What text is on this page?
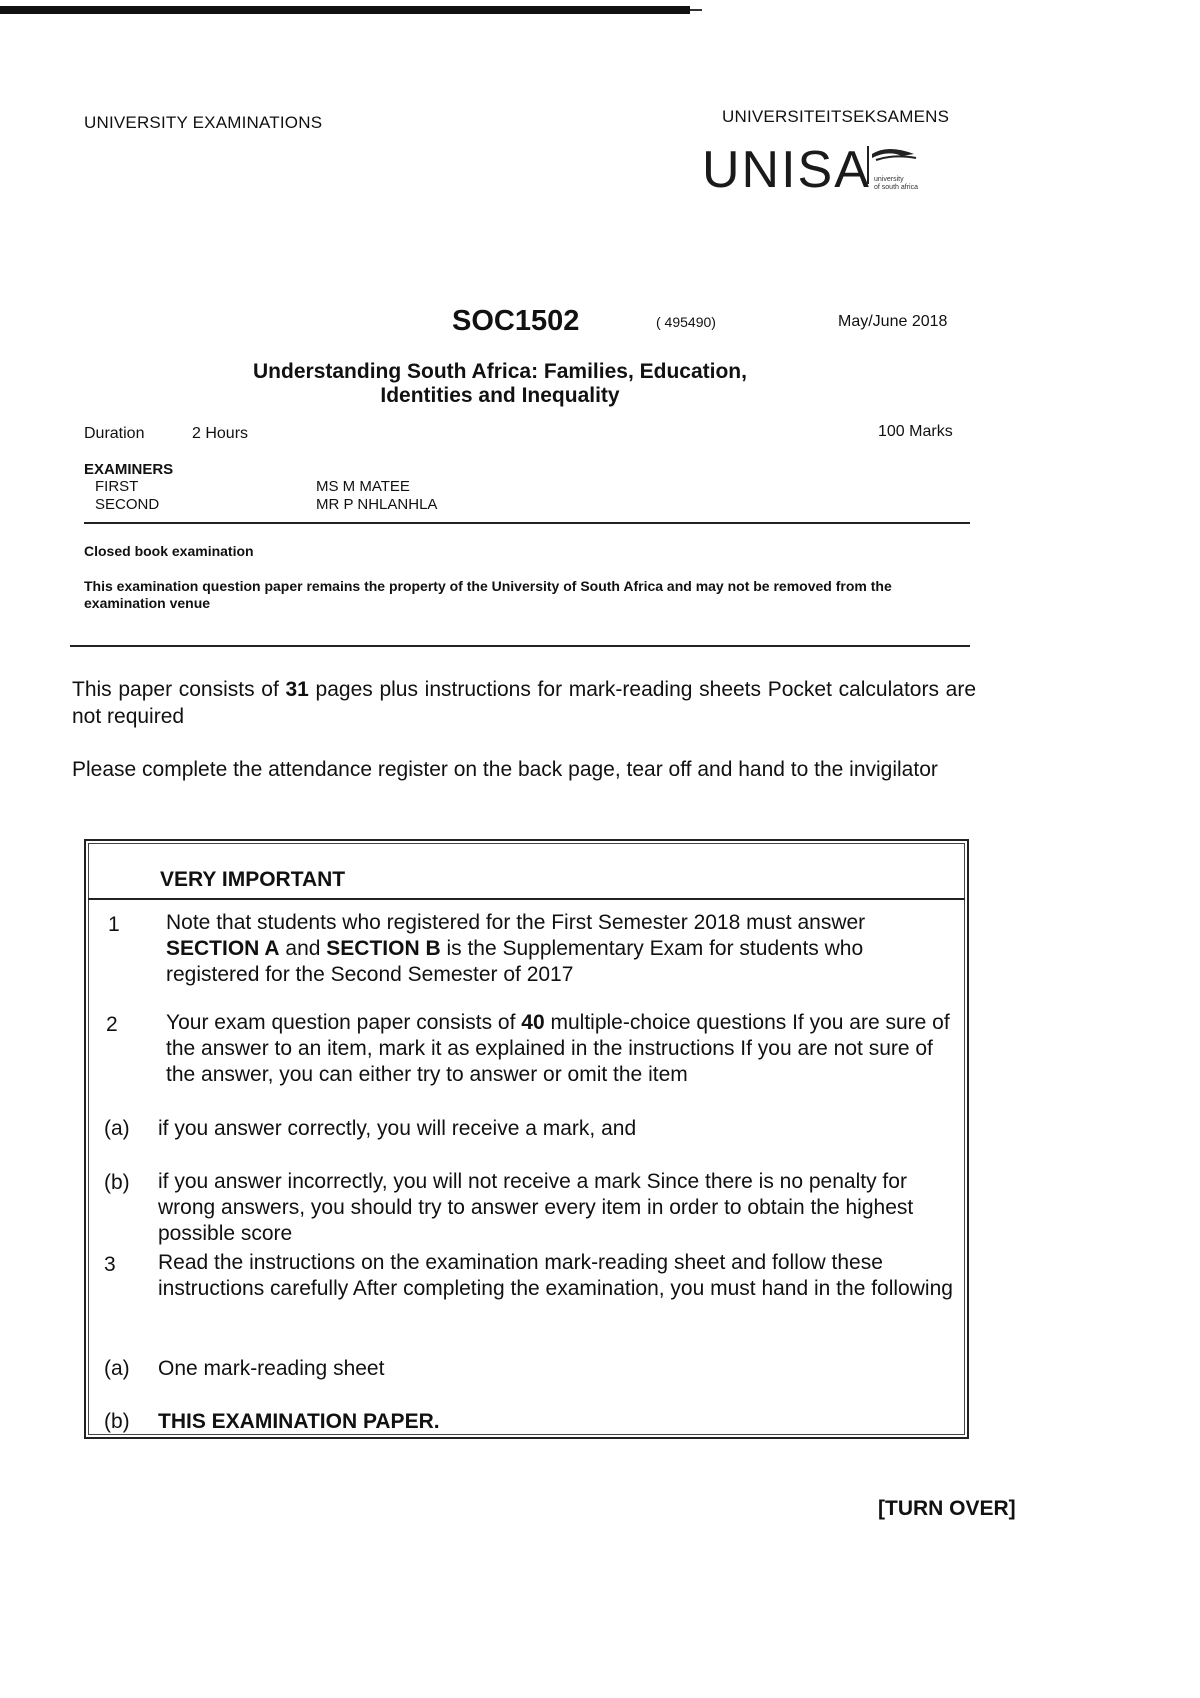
UNIVERSITY EXAMINATIONS	UNIVERSITEITSEKSAMENS
UNISA university
of south africa
SOC1502	( 495490)	May/June 2018
Understanding South Africa: Families, Education,
Identities and Inequality
Duration	2 Hours	100 Marks
EXAMINERS
FIRST	MS M MATEE
SECOND	MR P NHLANHLA
Closed book examination
This examination question paper remains the property of the University of South Africa and may not be removed from the examination venue
This paper consists of 31 pages plus instructions for mark-reading sheets Pocket calculators are not required
Please complete the attendance register on the back page, tear off and hand to the invigilator
VERY IMPORTANT
1 Note that students who registered for the First Semester 2018 must answer SECTION A and SECTION B is the Supplementary Exam for students who registered for the Second Semester of 2017
2 Your exam question paper consists of 40 multiple-choice questions If you are sure of the answer to an item, mark it as explained in the instructions If you are not sure of the answer, you can either try to answer or omit the item
(a) if you answer correctly, you will receive a mark, and
(b) if you answer incorrectly, you will not receive a mark Since there is no penalty for wrong answers, you should try to answer every item in order to obtain the highest possible score
3 Read the instructions on the examination mark-reading sheet and follow these instructions carefully After completing the examination, you must hand in the following
(a) One mark-reading sheet
(b) THIS EXAMINATION PAPER.
[TURN OVER]
